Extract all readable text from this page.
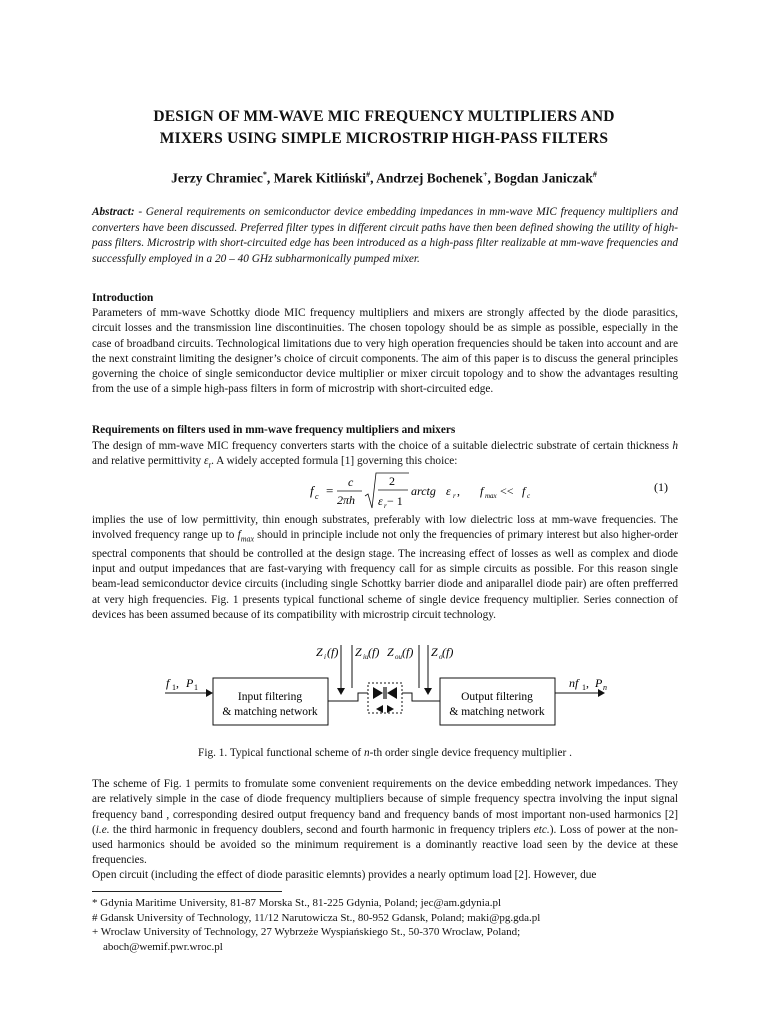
DESIGN OF MM-WAVE MIC FREQUENCY MULTIPLIERS AND
MIXERS USING SIMPLE MICROSTRIP HIGH-PASS FILTERS
Jerzy Chramiec*, Marek Kitliński#, Andrzej Bochenek+, Bogdan Janiczak#
Abstract: - General requirements on semiconductor device embedding impedances in mm-wave MIC frequency multipliers and converters have been discussed. Preferred filter types in different circuit paths have then been defined showing the utility of high-pass filters. Microstrip with short-circuited edge has been introduced as a high-pass filter realizable at mm-wave frequencies and successfully employed in a 20 – 40 GHz subharmonically pumped mixer.
Introduction
Parameters of mm-wave Schottky diode MIC frequency multipliers and mixers are strongly affected by the diode parasitics, circuit losses and the transmission line discontinuities. The chosen topology should be as simple as possible, especially in the case of broadband circuits. Technological limitations due to very high operation frequencies should be taken into account and are the next constraint limiting the designer’s choice of circuit components. The aim of this paper is to discuss the general principles governing the choice of single semiconductor device multiplier or mixer circuit topology and to show the advantages resulting from the use of a simple high-pass filters in form of microstrip with short-circuited edge.
Requirements on filters used in mm-wave frequency multipliers and mixers
The design of mm-wave MIC frequency converters starts with the choice of a suitable dielectric substrate of certain thickness h and relative permittivity $\varepsilon_r$. A widely accepted formula [1] governing this choice:
f c =
c
2πh
2
ε r − 1
arctg ε r , f max << f c
(1)
implies the use of low permittivity, thin enough substrates, preferably with low dielectric loss at mm-wave frequencies. The involved frequency range up to $f_{max}$ should in principle include not only the frequencies of primary interest but also higher-order spectral components that should be controlled at the design stage. The increasing effect of losses as well as complex and diode input and output impedances that are fast-varying with frequency call for as simple circuits as possible. For this reason single beam-lead semiconductor device circuits (including single Schottky barrier diode and aniparallel diode pair) are often prefferred at very high frequencies. Fig. 1 presents typical functional scheme of single device frequency multiplier. Series connection of devices has been assumed because of its compatibility with microstrip circuit technology.
f 1 , P 1
Input filtering
& matching network
Output filtering
& matching network
nf 1 , P n
Z i (f) Z iu (f) Z ou (f) Z o (f)
Fig. 1. Typical functional scheme of n-th order single device frequency multiplier .
The scheme of Fig. 1 permits to fromulate some convenient requirements on the device embedding network impedances. They are relatively simple in the case of diode frequency multipliers because of simple frequency spectra involving the input signal frequency band , corresponding desired output frequency band and frequency bands of most important non-used harmonics [2] (i.e. the third harmonic in frequency doublers, second and fourth harmonic in frequency triplers etc.). Loss of power at the non-used harmonics should be avoided so the minimum requirement is a dominantly reactive load seen by the device at these frequencies.
Open circuit (including the effect of diode parasitic elemnts) provides a nearly optimum load [2]. However, due
* Gdynia Maritime University, 81-87 Morska St., 81-225 Gdynia, Poland; jec@am.gdynia.pl
# Gdansk University of Technology, 11/12 Narutowicza St., 80-952 Gdansk, Poland; maki@pg.gda.pl
+ Wroclaw University of Technology, 27 Wybrzeże Wyspiańskiego St., 50-370 Wroclaw, Poland;
aboch@wemif.pwr.wroc.pl
